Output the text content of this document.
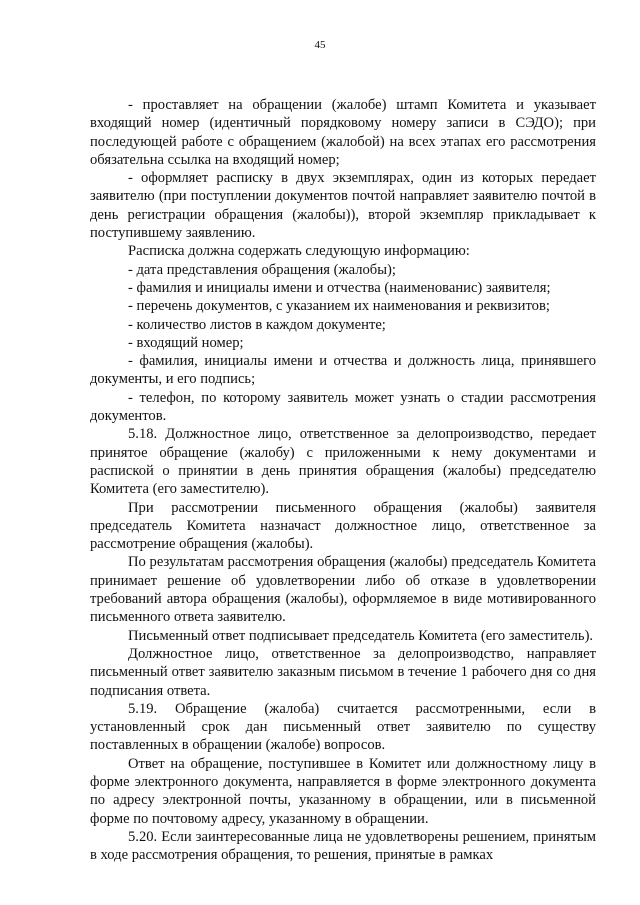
45

- проставляет на обращении (жалобе) штамп Комитета и указывает входящий номер (идентичный порядковому номеру записи в СЭДО); при последующей работе с обращением (жалобой) на всех этапах его рассмотрения обязательна ссылка на входящий номер;

- оформляет расписку в двух экземплярах, один из которых передает заявителю (при поступлении документов почтой направляет заявителю почтой в день регистрации обращения (жалобы)), второй экземпляр прикладывает к поступившему заявлению.

Расписка должна содержать следующую информацию:

- дата представления обращения (жалобы);

- фамилия и инициалы имени и отчества (наименованис) заявителя;

- перечень документов, с указанием их наименования и реквизитов;

- количество листов в каждом документе;

- входящий номер;

- фамилия, инициалы имени и отчества и должность лица, принявшего документы, и его подпись;

- телефон, по которому заявитель может узнать о стадии рассмотрения документов.

5.18. Должностное лицо, ответственное за делопроизводство, передает принятое обращение (жалобу) с приложенными к нему документами и распиской о принятии в день принятия обращения (жалобы) председателю Комитета (его заместителю).

При рассмотрении письменного обращения (жалобы) заявителя председатель Комитета назначаст должностное лицо, ответственное за рассмотрение обращения (жалобы).

По результатам рассмотрения обращения (жалобы) председатель Комитета принимает решение об удовлетворении либо об отказе в удовлетворении требований автора обращения (жалобы), оформляемое в виде мотивированного письменного ответа заявителю.

Письменный ответ подписывает председатель Комитета (его заместитель).

Должностное лицо, ответственное за делопроизводство, направляет письменный ответ заявителю заказным письмом в течение 1 рабочего дня со дня подписания ответа.

5.19. Обращение (жалоба) считается рассмотренными, если в установленный срок дан письменный ответ заявителю по существу поставленных в обращении (жалобе) вопросов.

Ответ на обращение, поступившее в Комитет или должностному лицу в форме электронного документа, направляется в форме электронного документа по адресу электронной почты, указанному в обращении, или в письменной форме по почтовому адресу, указанному в обращении.

5.20. Если заинтересованные лица не удовлетворены решением, принятым в ходе рассмотрения обращения, то решения, принятые в рамках
